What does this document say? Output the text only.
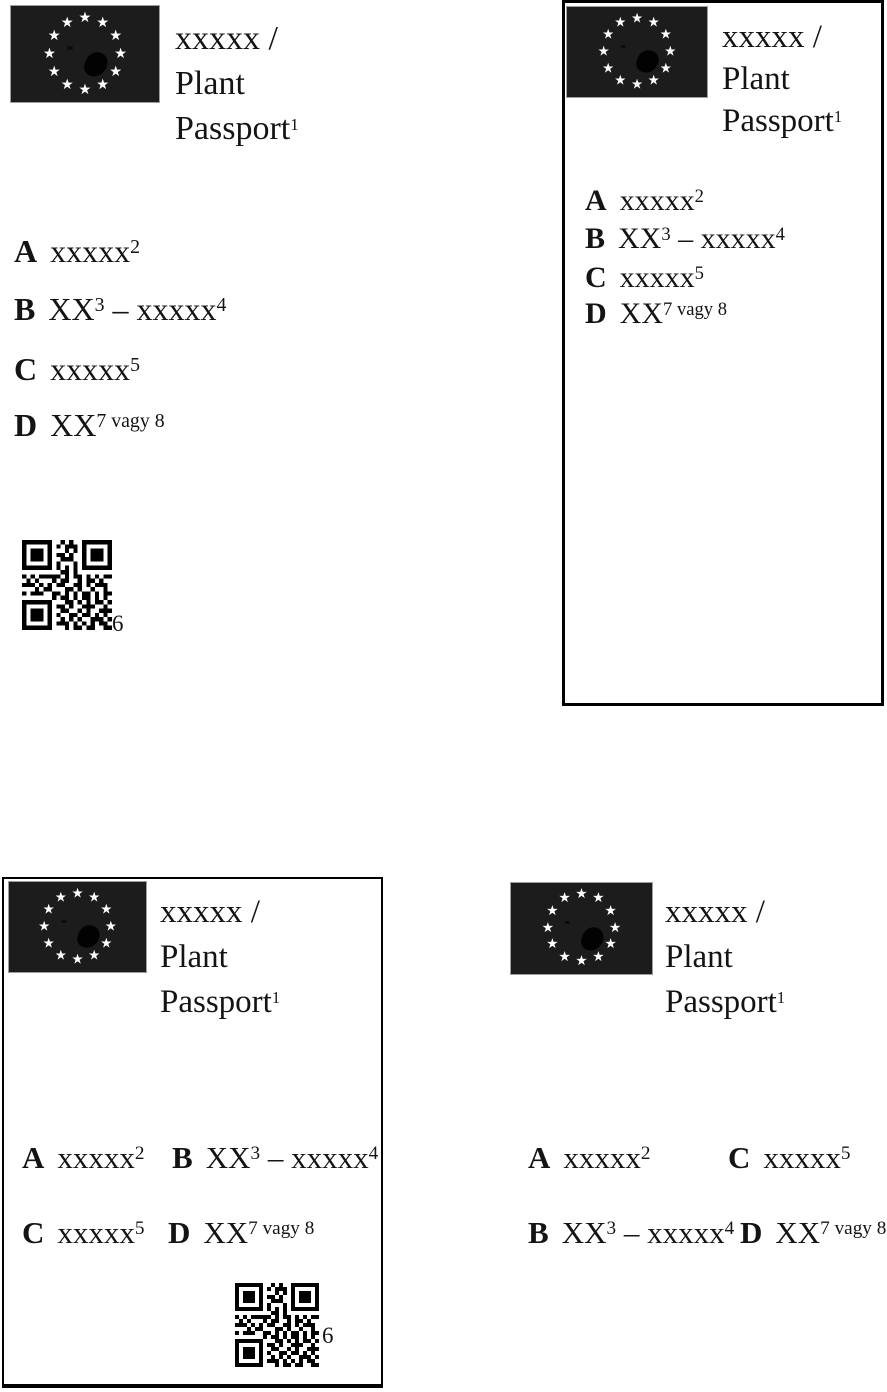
★ ★
★
★
★
★
★
★
★
★
★
★	xxxxx /
Plant
Passport$^1$
A xxxxx$^2$
B $XX^3$ – xxxxx$^4$
C xxxxx$^5$
D $XX^{7 vagy 8}$
6
★ ★
★
★
★
★
★
★
★
★
★
★	xxxxx /
Plant
Passport$^1$
A xxxxx$^2$
B $XX^3$ – xxxxx$^4$
C xxxxx$^5$
D $XX^{7 vagy 8}$
★ ★
★
★
★
★
★
★
★
★
★
★	xxxxx /
Plant
Passport$^1$
A xxxxx$^2$ B $XX^3$ – xxxxx$^4$
C xxxxx$^5$ D $XX^{7 vagy 8}$
6
★ ★
★
★
★
★
★
★
★
★
★
★	xxxxx /
Plant
Passport$^1$
A xxxxx$^2$	C xxxxx$^5$
B $XX^3$ – xxxxx$^4$ D $XX^{7 vagy 8}$
